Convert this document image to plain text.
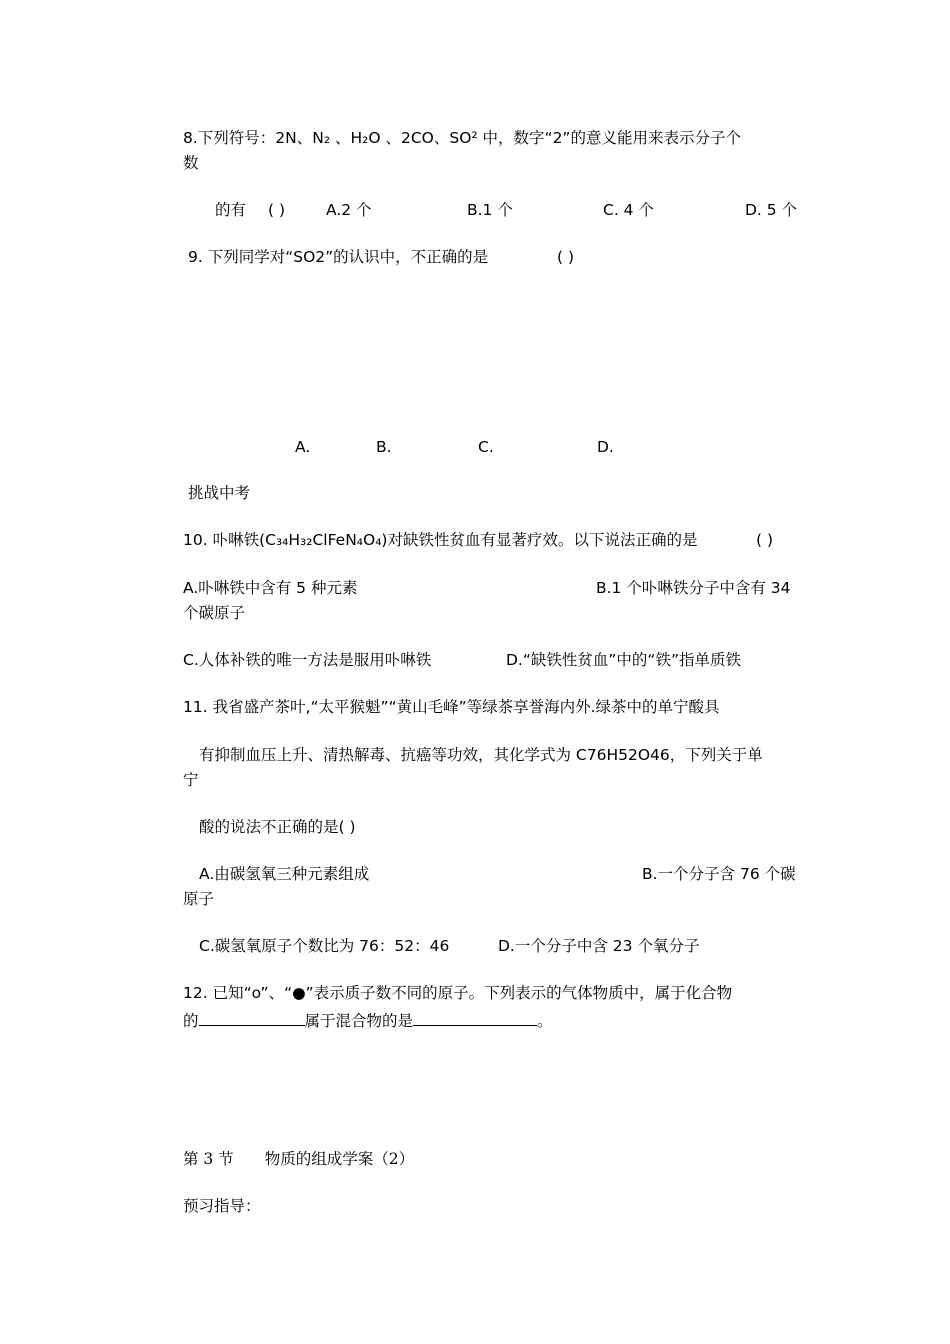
8.下列符号：2N、N₂ 、H₂O 、2CO、SO² 中，数字“2”的意义能用来表示分子个
数
的有 ( )	A.2 个	B.1 个	C. 4 个	D. 5 个
9. 下列同学对“SO2”的认识中，不正确的是	( )
A.	B.	C.	D.
挑战中考
10. 卟啉铁(C₃₄H₃₂ClFeN₄O₄)对缺铁性贫血有显著疗效。以下说法正确的是	( )
A.卟啉铁中含有 5 种元素	B.1 个卟啉铁分子中含有 34
个碳原子
C.人体补铁的唯一方法是服用卟啉铁	D.“缺铁性贫血”中的“铁”指单质铁
11. 我省盛产茶叶,“太平猴魁”“黄山毛峰”等绿茶享誉海内外.绿茶中的单宁酸具
有抑制血压上升、清热解毒、抗癌等功效，其化学式为 C76H52O46，下列关于单
宁
酸的说法不正确的是( )
A.由碳氢氧三种元素组成	B.一个分子含 76 个碳
原子
C.碳氢氧原子个数比为 76：52：46	D.一个分子中含 23 个氧分子
12. 已知“o”、“●”表示质子数不同的原子。下列表示的气体物质中，属于化合物
的	属于混合物的是	。
第 3 节　　物质的组成学案（2）
预习指导：
